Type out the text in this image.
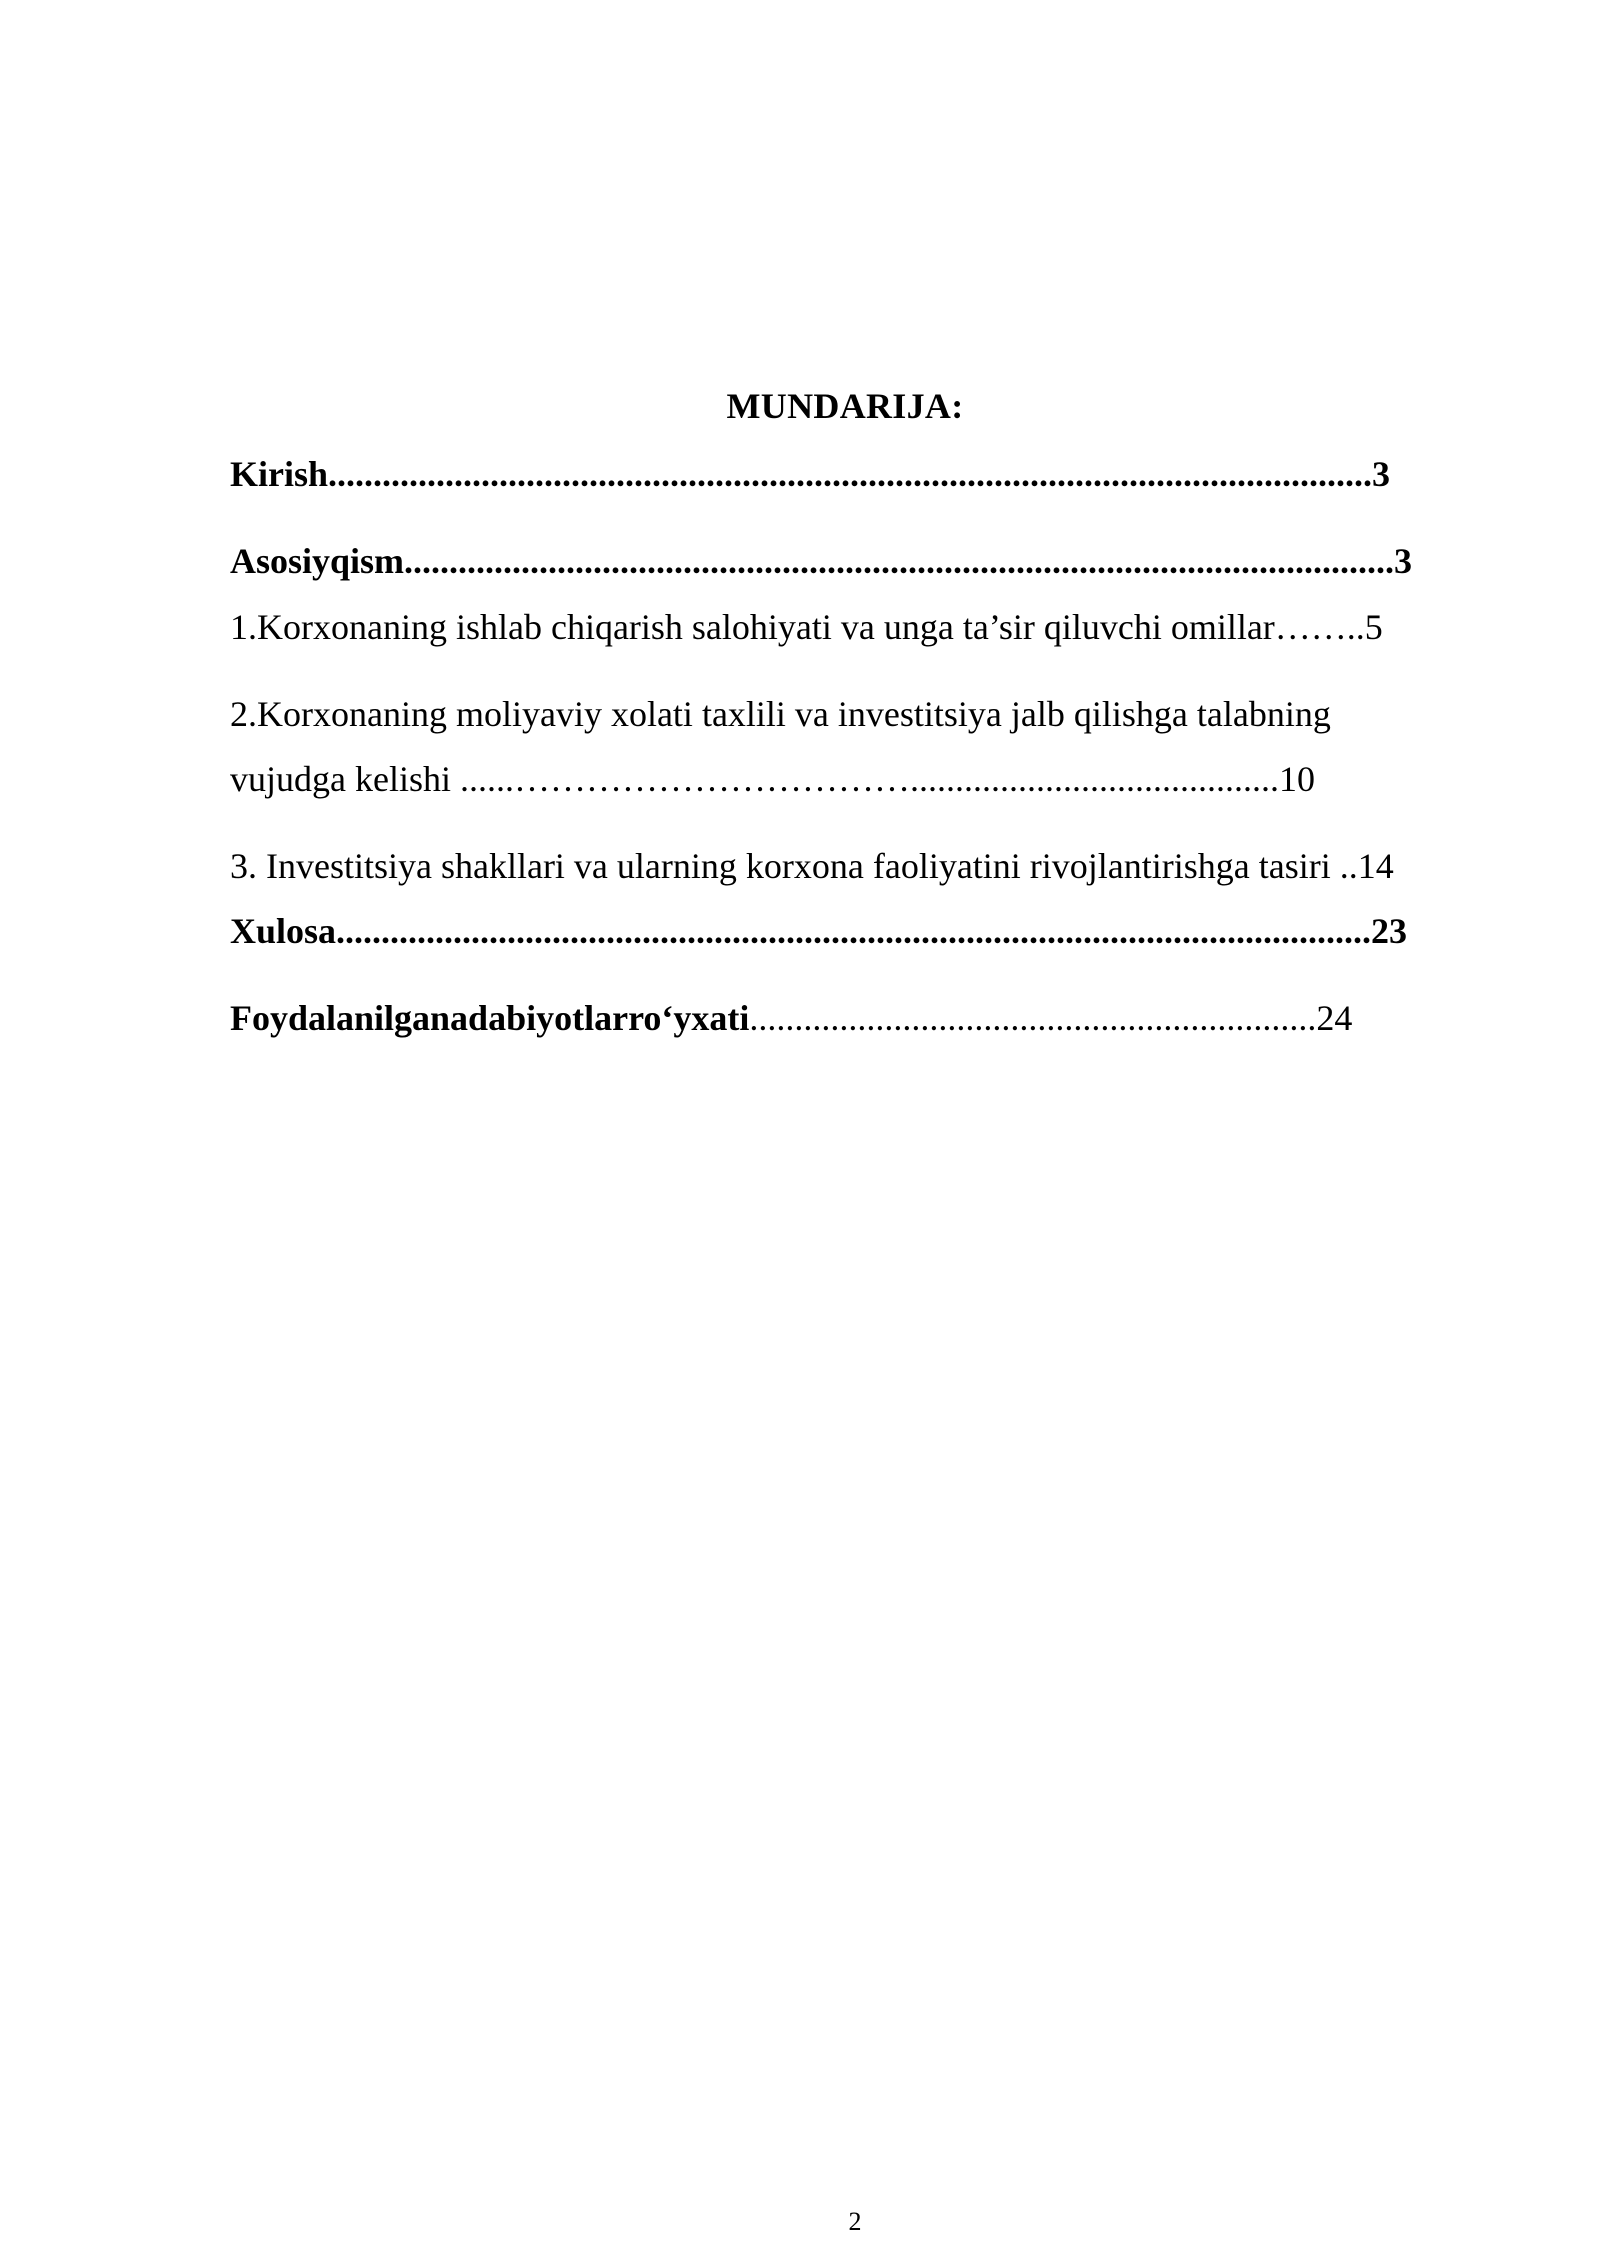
MUNDARIJA:
Kirish....................................................................................................................3
Asosiyqism..............................................................................................................3
1.Korxonaning ishlab chiqarish salohiyati va unga ta’sir qiluvchi omillar……..5
2.Korxonaning moliyaviy xolati taxlili va investitsiya jalb qilishga talabning
vujudga kelishi ......…………………………….........................................10
3. Investitsiya shakllari va ularning korxona faoliyatini rivojlantirishga tasiri ..14
Xulosa...................................................................................................................23
Foydalanilganadabiyotlarro‘yxati...............................................................24
2
